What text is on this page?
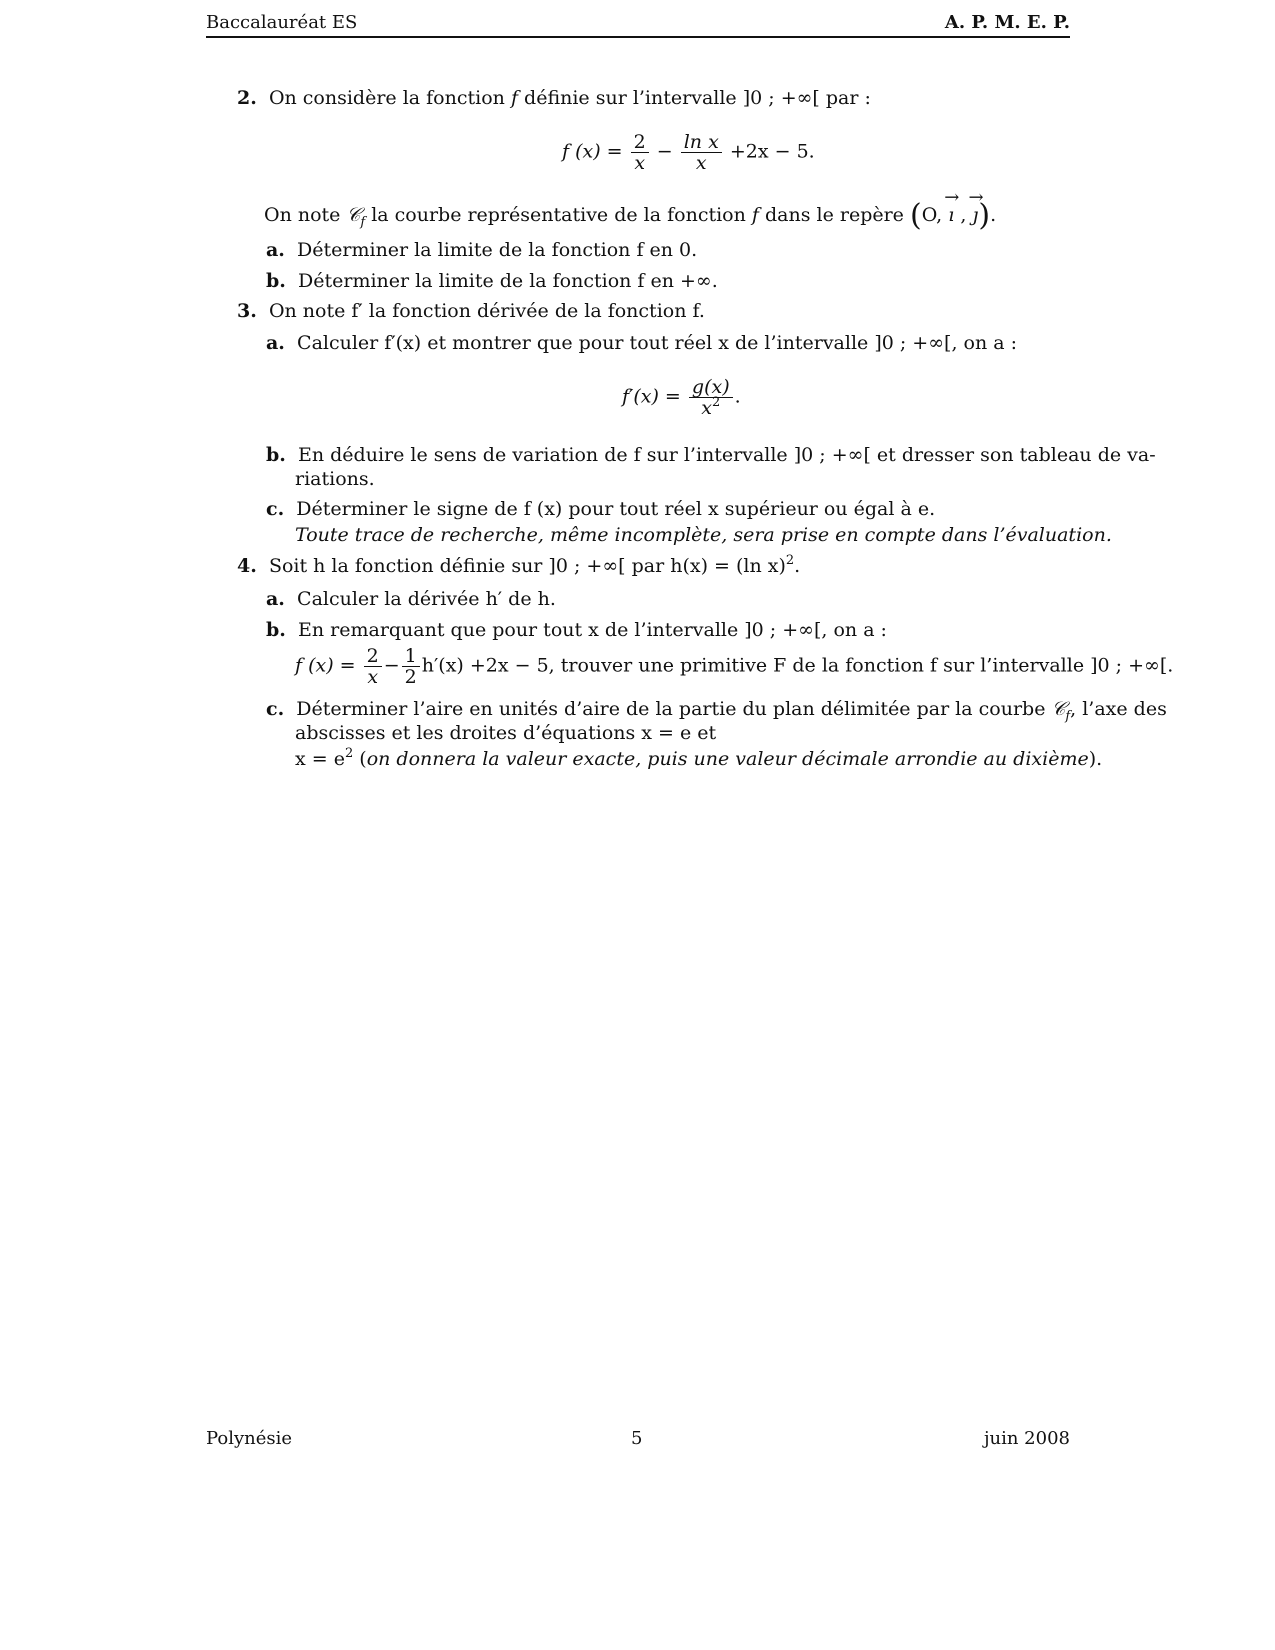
Baccalauréat ES	A. P. M. E. P.
2. On considère la fonction f définie sur l’intervalle ]0 ; +∞[ par :
f $(x) = \frac{2}{x} - \frac{\text{ln x}}{x} +2x - 5$.
On note 𝒞$_f$ la courbe représentative de la fonction f dans le repère (O, → ı , → ȷ).
a. Déterminer la limite de la fonction f en 0.
b. Déterminer la limite de la fonction f en +∞.
3. On note f′ la fonction dérivée de la fonction f.
a. Calculer f′(x) et montrer que pour tout réel x de l’intervalle ]0 ; +∞[, on a :
$f'(x) = \frac{g(x)}{x^2}$ .
b. En déduire le sens de variation de f sur l’intervalle ]0 ; +∞[ et dresser son tableau de va-
riations.
c. Déterminer le signe de f (x) pour tout réel x supérieur ou égal à e.
Toute trace de recherche, même incomplète, sera prise en compte dans l’évaluation.
4. Soit h la fonction définie sur ]0 ; +∞[ par h(x) = (ln x)$^2$.
a. Calculer la dérivée h′ de h.
b. En remarquant que pour tout x de l’intervalle ]0 ; +∞[, on a :
f $(x) = \frac{2}{x} - \frac{1}{2} h'(x) +2x - 5$, trouver une primitive F de la fonction f sur l’intervalle ]0 ; +∞[.
c. Déterminer l’aire en unités d’aire de la partie du plan délimitée par la courbe 𝒞$_f$, l’axe des
abscisses et les droites d’équations x = e et
$x = e^2$ (on donnera la valeur exacte, puis une valeur décimale arrondie au dixième).
Polynésie	5	juin 2008
